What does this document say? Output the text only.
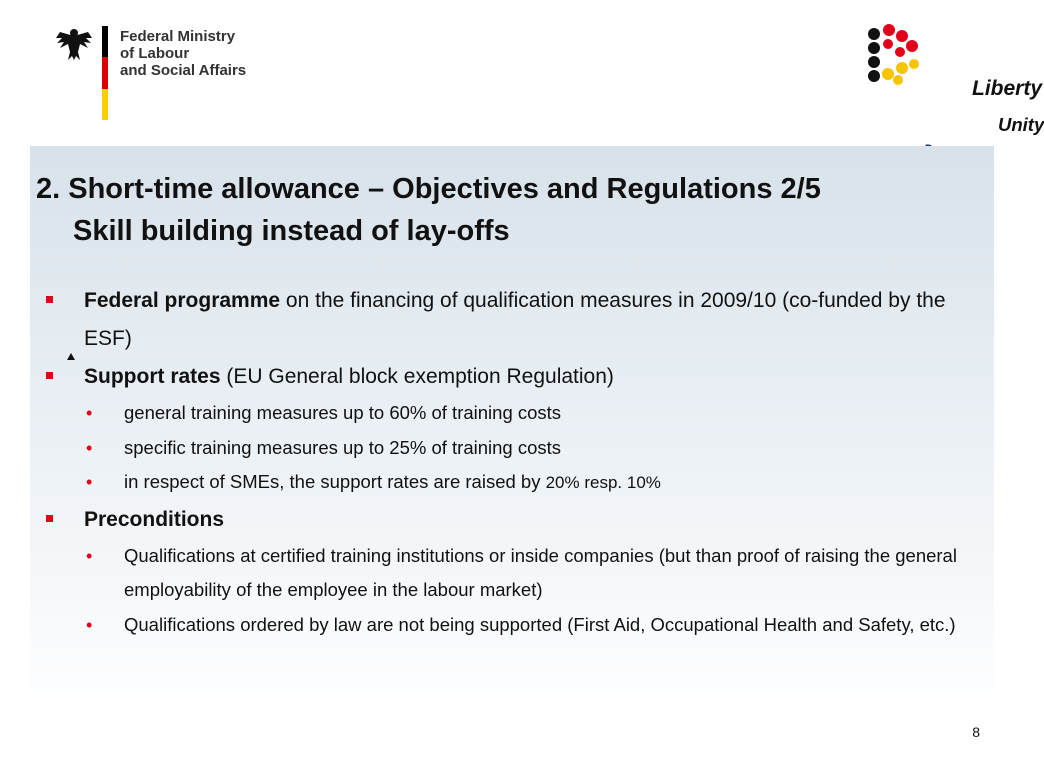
Federal Ministry
of Labour
and Social Affairs
Liberty
Unity
2. Short-time allowance – Objectives and Regulations 2/5
Skill building instead of lay-offs
Federal programme on the financing of qualification measures in 2009/10 (co-funded by the ESF)
Support rates (EU General block exemption Regulation)
• general training measures up to 60% of training costs
• specific training measures up to 25% of training costs
• in respect of SMEs, the support rates are raised by 20% resp. 10%
Preconditions
• Qualifications at certified training institutions or inside companies (but than proof of raising the general employability of the employee in the labour market)
• Qualifications ordered by law are not being supported (First Aid, Occupational Health and Safety, etc.)
8
